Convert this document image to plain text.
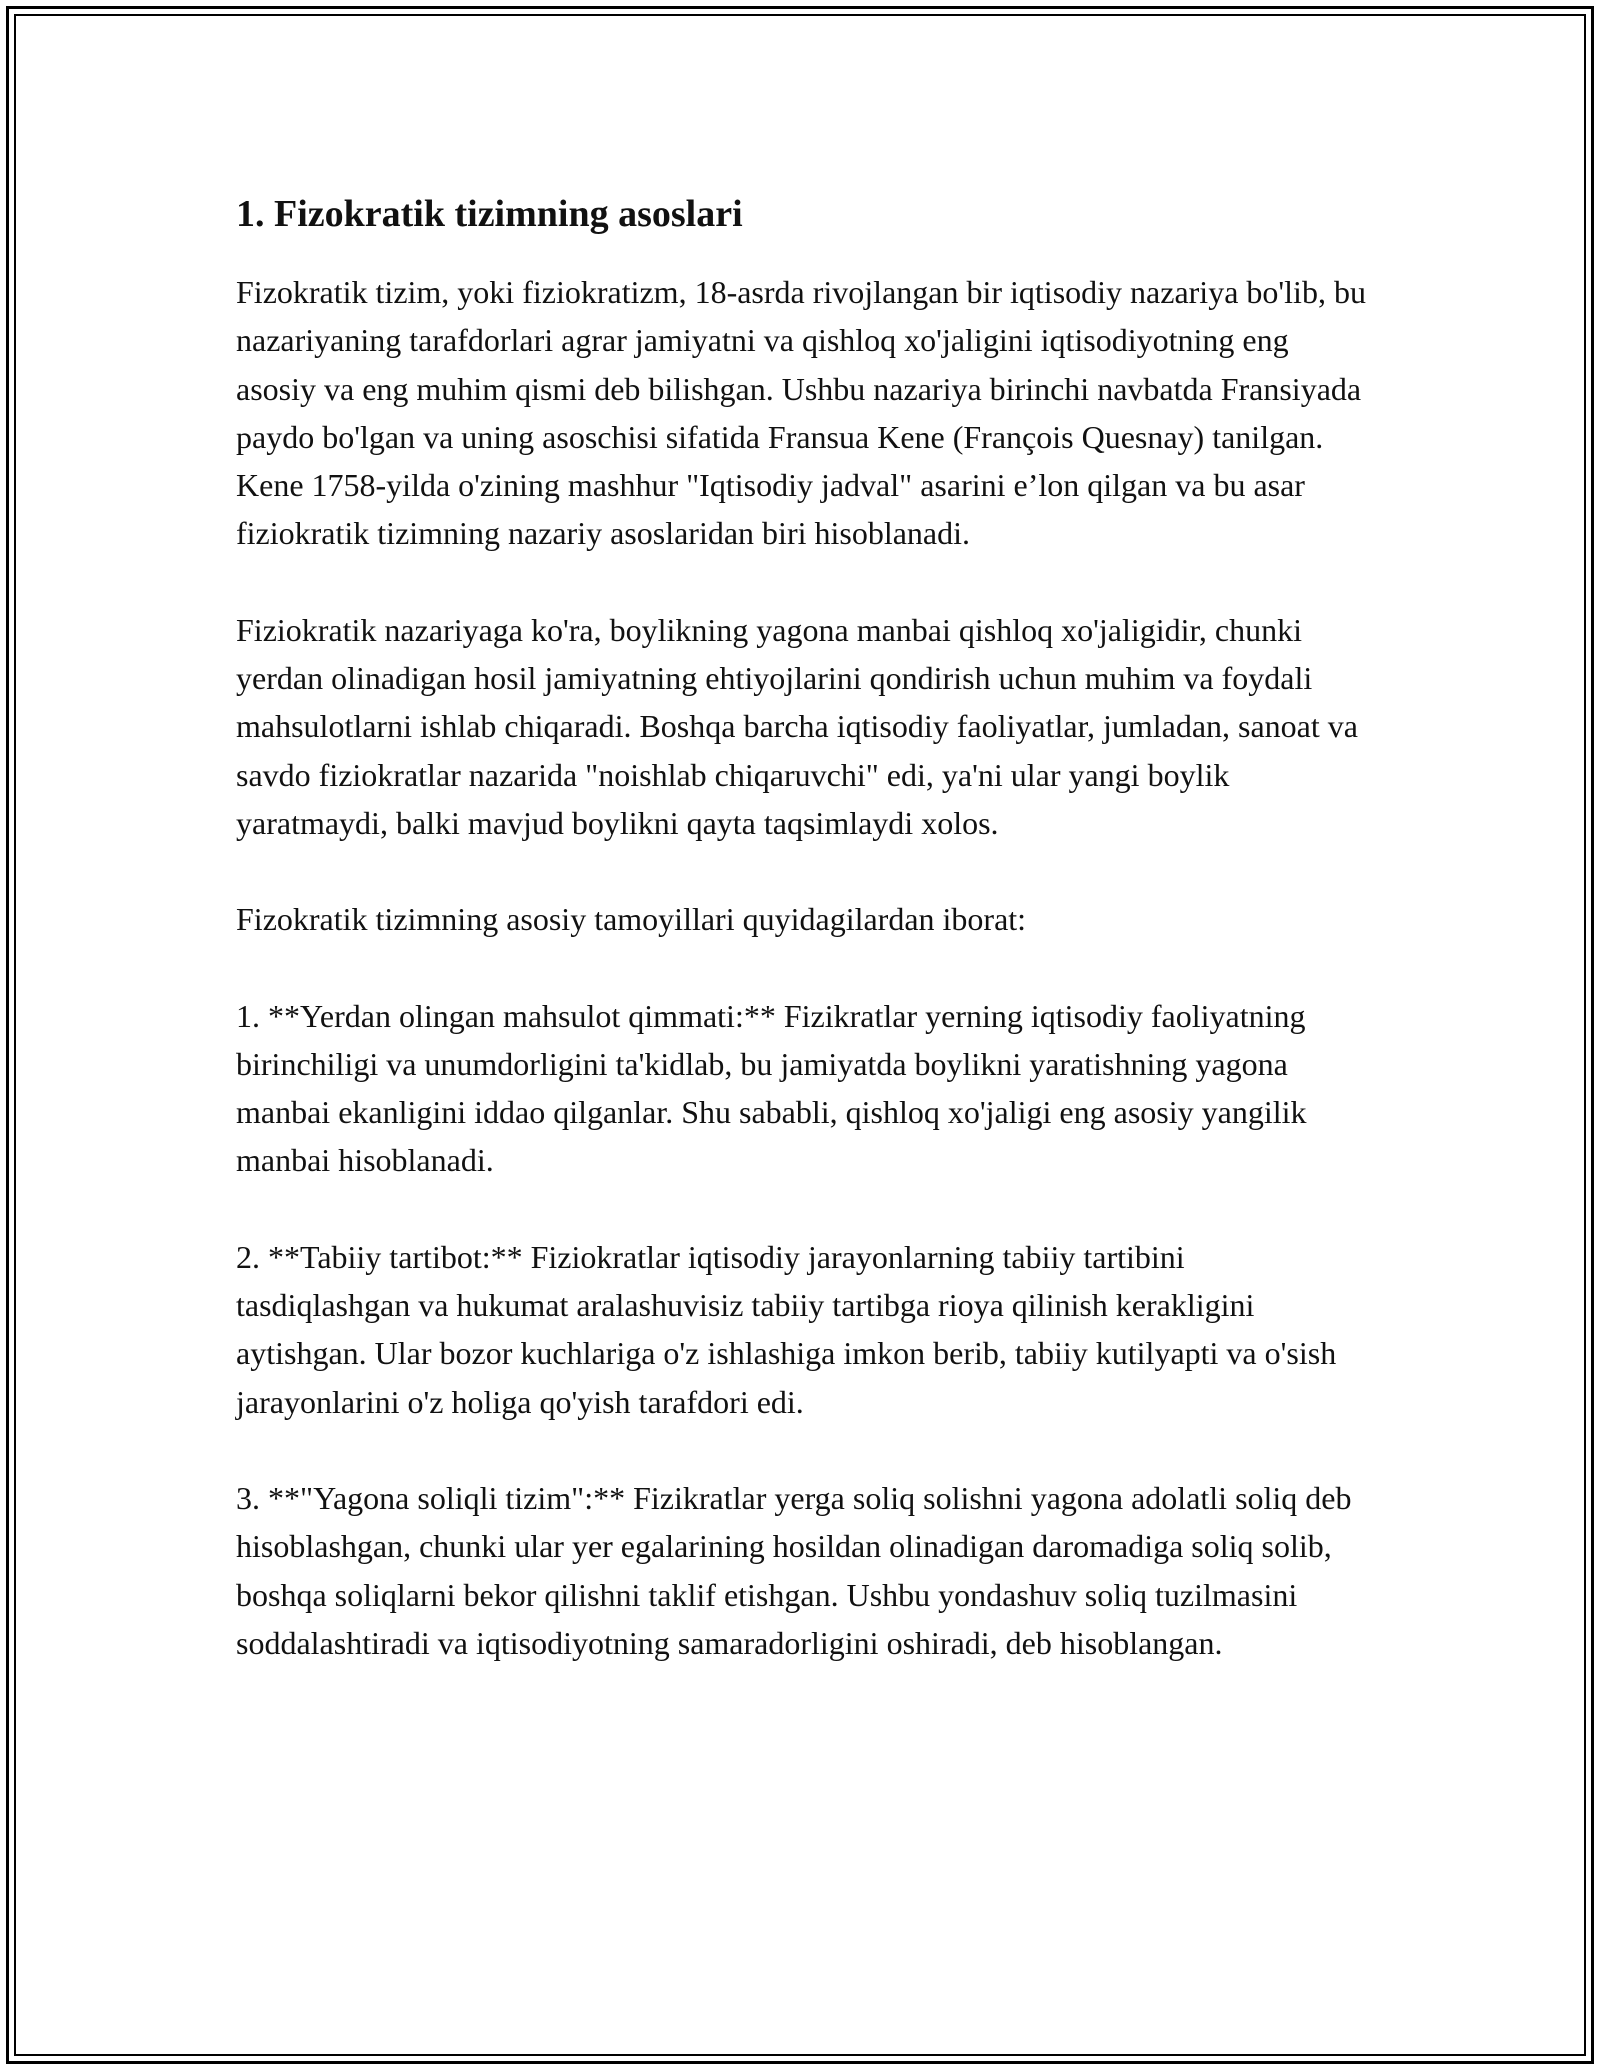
1. Fizokratik tizimning asoslari

Fizokratik tizim, yoki fiziokratizm, 18-asrda rivojlangan bir iqtisodiy nazariya bo'lib, bu nazariyaning tarafdorlari agrar jamiyatni va qishloq xo'jaligini iqtisodiyotning eng asosiy va eng muhim qismi deb bilishgan. Ushbu nazariya birinchi navbatda Fransiyada paydo bo'lgan va uning asoschisi sifatida Fransua Kene (François Quesnay) tanilgan. Kene 1758-yilda o'zining mashhur "Iqtisodiy jadval" asarini e’lon qilgan va bu asar fiziokratik tizimning nazariy asoslaridan biri hisoblanadi.

Fiziokratik nazariyaga ko'ra, boylikning yagona manbai qishloq xo'jaligidir, chunki yerdan olinadigan hosil jamiyatning ehtiyojlarini qondirish uchun muhim va foydali mahsulotlarni ishlab chiqaradi. Boshqa barcha iqtisodiy faoliyatlar, jumladan, sanoat va savdo fiziokratlar nazarida "noishlab chiqaruvchi" edi, ya'ni ular yangi boylik yaratmaydi, balki mavjud boylikni qayta taqsimlaydi xolos.

Fizokratik tizimning asosiy tamoyillari quyidagilardan iborat:

1. **Yerdan olingan mahsulot qimmati:** Fizikratlar yerning iqtisodiy faoliyatning birinchiligi va unumdorligini ta'kidlab, bu jamiyatda boylikni yaratishning yagona manbai ekanligini iddao qilganlar. Shu sababli, qishloq xo'jaligi eng asosiy yangilik manbai hisoblanadi.

2. **Tabiiy tartibot:** Fiziokratlar iqtisodiy jarayonlarning tabiiy tartibini tasdiqlashgan va hukumat aralashuvisiz tabiiy tartibga rioya qilinish kerakligini aytishgan. Ular bozor kuchlariga o'z ishlashiga imkon berib, tabiiy kutilyapti va o'sish jarayonlarini o'z holiga qo'yish tarafdori edi.

3. **"Yagona soliqli tizim":** Fizikratlar yerga soliq solishni yagona adolatli soliq deb hisoblashgan, chunki ular yer egalarining hosildan olinadigan daromadiga soliq solib, boshqa soliqlarni bekor qilishni taklif etishgan. Ushbu yondashuv soliq tuzilmasini soddalashtiradi va iqtisodiyotning samaradorligini oshiradi, deb hisoblangan.
